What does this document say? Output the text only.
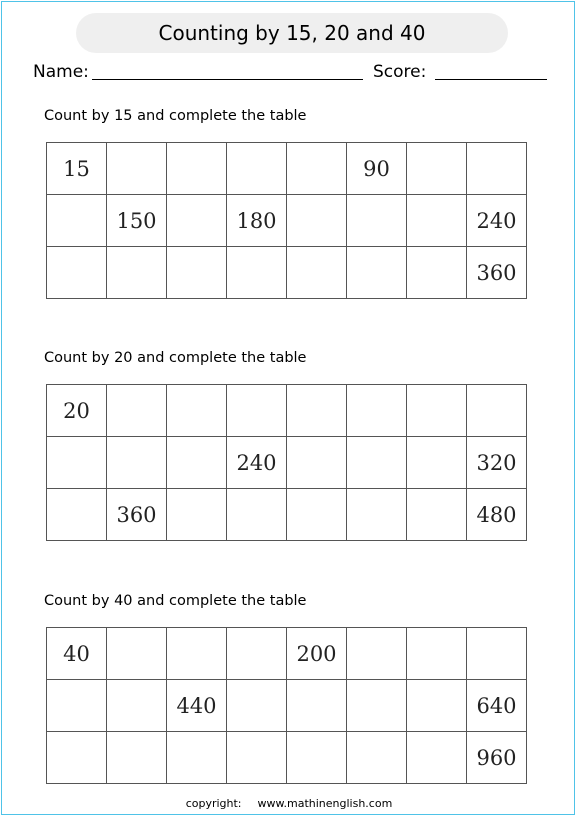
Counting by 15, 20 and 40
Name:	Score:
Count by 15 and complete the table
15					90		
	150		180				240
							360
Count by 20 and complete the table
20							
			240				320
	360						480
Count by 40 and complete the table
40				200			
		440					640
							960
copyright: www.mathinenglish.com
